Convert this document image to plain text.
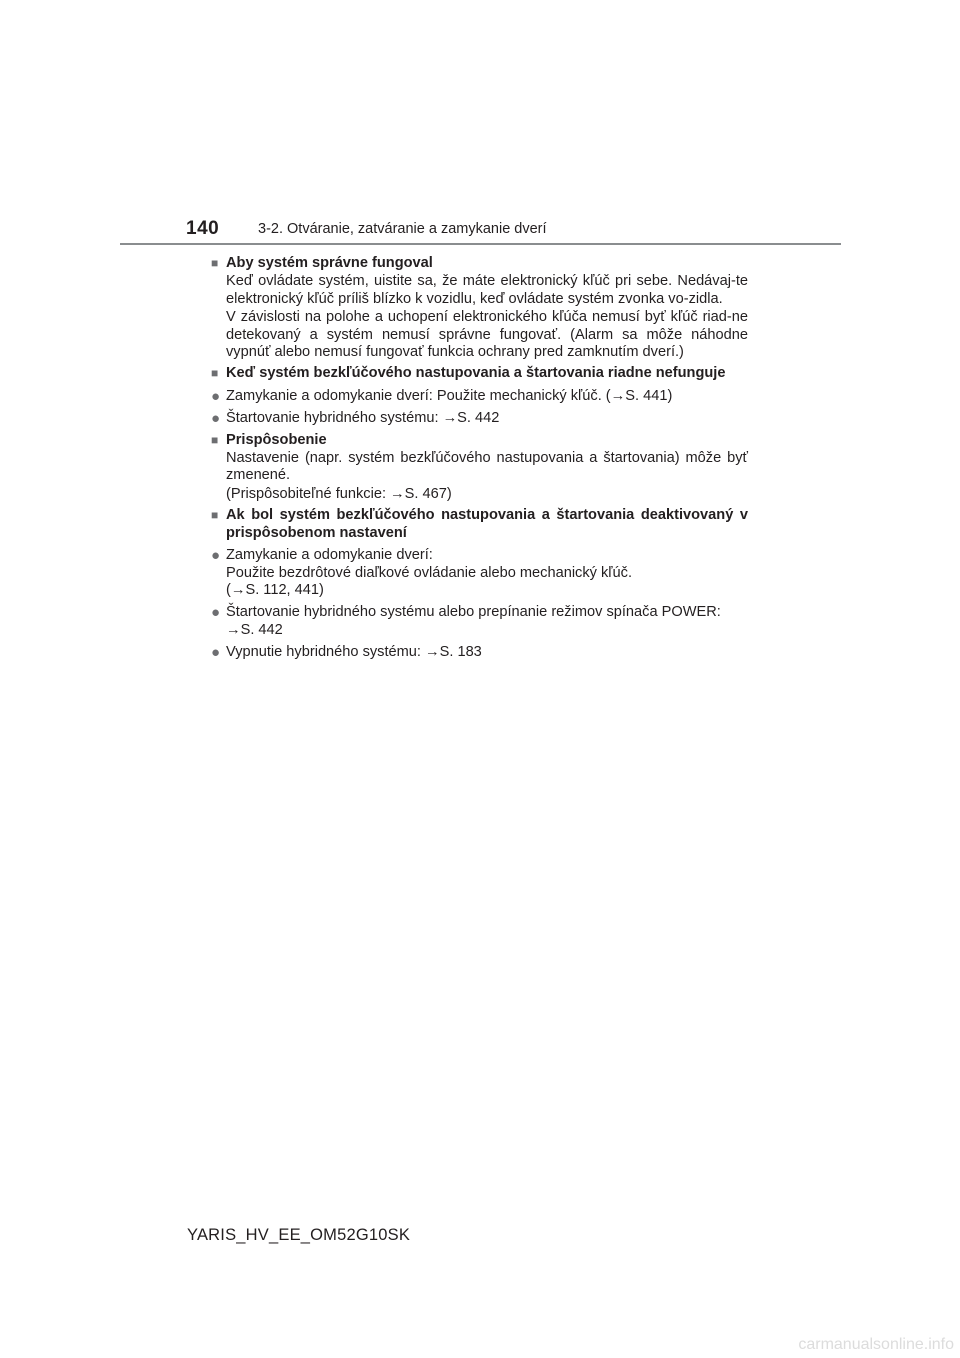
140	3-2. Otváranie, zatváranie a zamykanie dverí
■ Aby systém správne fungoval
Keď ovládate systém, uistite sa, že máte elektronický kľúč pri sebe. Nedávaj-te elektronický kľúč príliš blízko k vozidlu, keď ovládate systém zvonka vo-zidla.
V závislosti na polohe a uchopení elektronického kľúča nemusí byť kľúč riad-ne detekovaný a systém nemusí správne fungovať. (Alarm sa môže náhodne vypnúť alebo nemusí fungovať funkcia ochrany pred zamknutím dverí.)
■ Keď systém bezkľúčového nastupovania a štartovania riadne nefunguje
● Zamykanie a odomykanie dverí: Použite mechanický kľúč. (→S. 441)
● Štartovanie hybridného systému: →S. 442
■ Prispôsobenie
Nastavenie (napr. systém bezkľúčového nastupovania a štartovania) môže byť zmenené.
(Prispôsobiteľné funkcie: →S. 467)
■ Ak bol systém bezkľúčového nastupovania a štartovania deaktivovaný v prispôsobenom nastavení
● Zamykanie a odomykanie dverí:
Použite bezdrôtové diaľkové ovládanie alebo mechanický kľúč.
(→S. 112, 441)
● Štartovanie hybridného systému alebo prepínanie režimov spínača POWER:
→S. 442
● Vypnutie hybridného systému: →S. 183
YARIS_HV_EE_OM52G10SK
carmanualsonline.info
